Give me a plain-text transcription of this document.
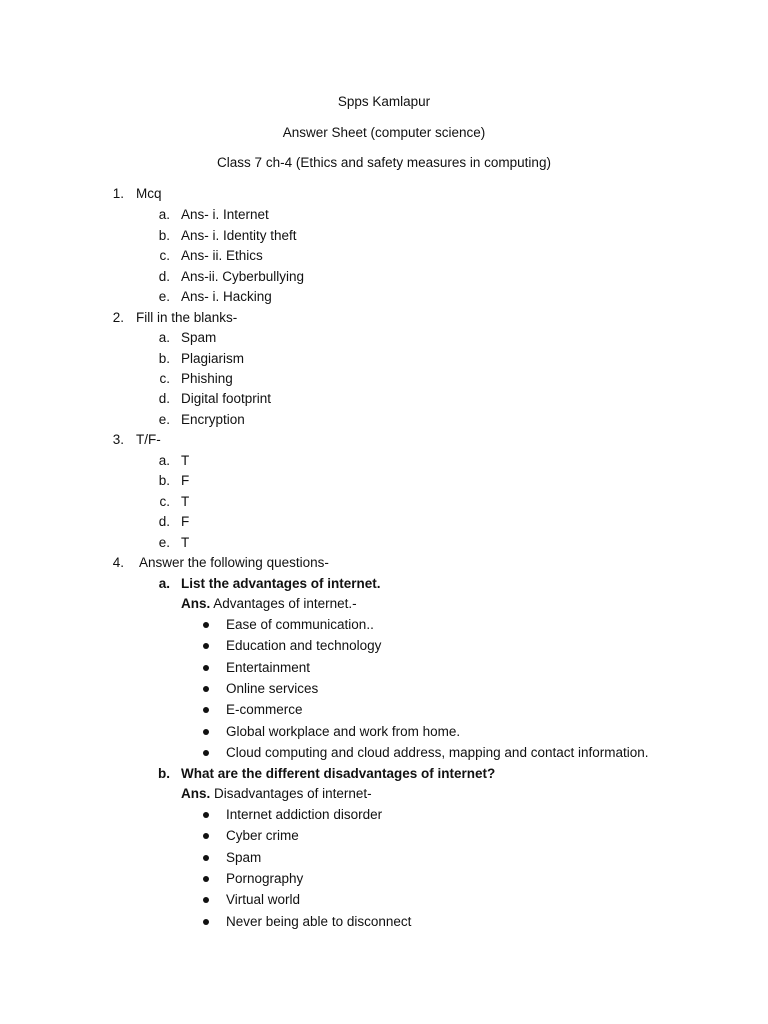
Spps Kamlapur
Answer Sheet (computer science)
Class 7 ch-4 (Ethics and safety measures in computing)
1. Mcq
a. Ans- i. Internet
b. Ans- i. Identity theft
c. Ans- ii. Ethics
d. Ans-ii. Cyberbullying
e. Ans- i. Hacking
2. Fill in the blanks-
a. Spam
b. Plagiarism
c. Phishing
d. Digital footprint
e. Encryption
3. T/F-
a. T
b. F
c. T
d. F
e. T
4. Answer the following questions-
a. List the advantages of internet.
Ans. Advantages of internet.-
Ease of communication..
Education and technology
Entertainment
Online services
E-commerce
Global workplace and work from home.
Cloud computing and cloud address, mapping and contact information.
b. What are the different disadvantages of internet?
Ans. Disadvantages of internet-
Internet addiction disorder
Cyber crime
Spam
Pornography
Virtual world
Never being able to disconnect
